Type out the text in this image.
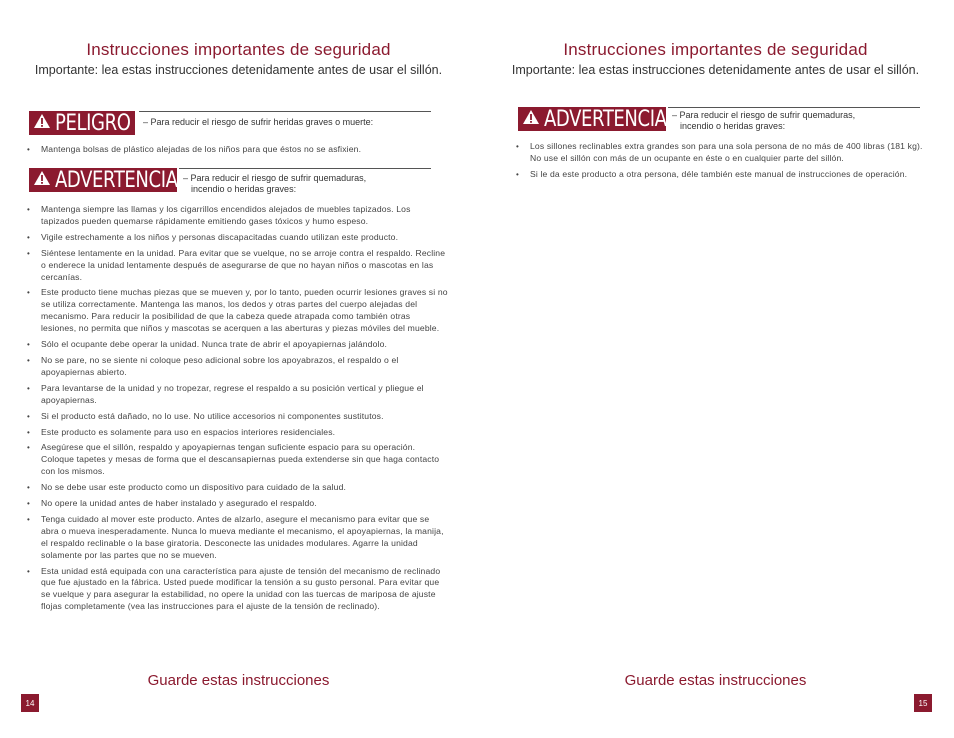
Instrucciones importantes de seguridad
Importante: lea estas instrucciones detenidamente antes de usar el sillón.
PELIGRO – Para reducir el riesgo de sufrir heridas graves o muerte:
• Mantenga bolsas de plástico alejadas de los niños para que éstos no se asfixien.
ADVERTENCIA – Para reducir el riesgo de sufrir quemaduras,
incendio o heridas graves:
• Mantenga siempre las llamas y los cigarrillos encendidos alejados de muebles tapizados. Los tapizados pueden quemarse rápidamente emitiendo gases tóxicos y humo espeso.
• Vigile estrechamente a los niños y personas discapacitadas cuando utilizan este producto.
• Siéntese lentamente en la unidad. Para evitar que se vuelque, no se arroje contra el respaldo. Recline o enderece la unidad lentamente después de asegurarse de que no hayan niños o mascotas en las cercanías.
• Este producto tiene muchas piezas que se mueven y, por lo tanto, pueden ocurrir lesiones graves si no se utiliza correctamente. Mantenga las manos, los dedos y otras partes del cuerpo alejadas del mecanismo. Para reducir la posibilidad de que la cabeza quede atrapada como también otras lesiones, no permita que niños y mascotas se acerquen a las aberturas y piezas móviles del mueble.
• Sólo el ocupante debe operar la unidad. Nunca trate de abrir el apoyapiernas jalándolo.
• No se pare, no se siente ni coloque peso adicional sobre los apoyabrazos, el respaldo o el apoyapiernas abierto.
• Para levantarse de la unidad y no tropezar, regrese el respaldo a su posición vertical y pliegue el apoyapiernas.
• Si el producto está dañado, no lo use. No utilice accesorios ni componentes sustitutos.
• Este producto es solamente para uso en espacios interiores residenciales.
• Asegúrese que el sillón, respaldo y apoyapiernas tengan suficiente espacio para su operación. Coloque tapetes y mesas de forma que el descansapiernas pueda extenderse sin que haga contacto con los mismos.
• No se debe usar este producto como un dispositivo para cuidado de la salud.
• No opere la unidad antes de haber instalado y asegurado el respaldo.
• Tenga cuidado al mover este producto. Antes de alzarlo, asegure el mecanismo para evitar que se abra o mueva inesperadamente. Nunca lo mueva mediante el mecanismo, el apoyapiernas, la manija, el respaldo reclinable o la base giratoria. Desconecte las unidades modulares. Agarre la unidad solamente por las partes que no se mueven.
• Esta unidad está equipada con una característica para ajuste de tensión del mecanismo de reclinado que fue ajustado en la fábrica. Usted puede modificar la tensión a su gusto personal. Para evitar que se vuelque y para asegurar la estabilidad, no opere la unidad con las tuercas de mariposa de ajuste flojas completamente (vea las instrucciones para el ajuste de la tensión de reclinado).
Guarde estas instrucciones
14
Instrucciones importantes de seguridad
Importante: lea estas instrucciones detenidamente antes de usar el sillón.
ADVERTENCIA – Para reducir el riesgo de sufrir quemaduras,
incendio o heridas graves:
• Los sillones reclinables extra grandes son para una sola persona de no más de 400 libras (181 kg). No use el sillón con más de un ocupante en éste o en cualquier parte del sillón.
• Si le da este producto a otra persona, déle también este manual de instrucciones de operación.
Guarde estas instrucciones
15
